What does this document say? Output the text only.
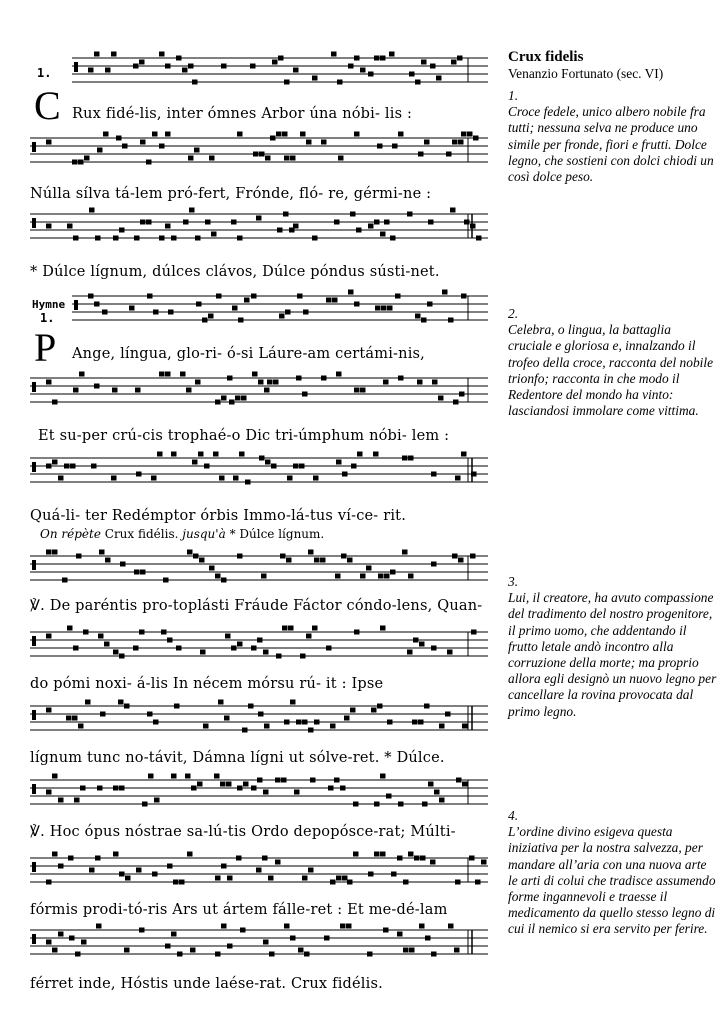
1.
C
Hymne
1.
P
Rux fidé-lis, inter ómnes Arbor úna nóbi- lis :
Núlla sílva tá-lem pró-fert, Frónde, fló- re, gérmi-ne :
* Dúlce lígnum, dúlces clávos, Dúlce póndus sústi-net.
Ange, língua, glo-ri- ó-si Láure-am certámi-nis,
Et su-per crú-cis trophaé-o Dic tri-úmphum nóbi- lem :
Quá-li- ter Redémptor órbis Immo-lá-tus ví-ce- rit.
On répète Crux fidélis. jusqu'à * Dúlce lígnum.
℣. De paréntis pro-toplásti Fráude Fáctor cóndo-lens, Quan-
do pómi noxi- á-lis In nécem mórsu rú- it : Ipse
lígnum tunc no-távit, Dámna lígni ut sólve-ret. * Dúlce.
℣. Hoc ópus nóstrae sa-lú-tis Ordo depopósce-rat; Múlti-
fórmis prodi-tó-ris Ars ut ártem fálle-ret : Et me-dé-lam
férret inde, Hóstis unde laése-rat. Crux fidélis.
Crux fidelis
Venanzio Fortunato (sec. VI)
1.
Croce fedele, unico albero nobile fra tutti; nessuna selva ne produce uno simile per fronde, fiori e frutti. Dolce legno, che sostieni con dolci chiodi un così dolce peso.
2.
Celebra, o lingua, la battaglia cruciale e gloriosa e, innalzando il trofeo della croce, racconta del nobile trionfo; racconta in che modo il Redentore del mondo ha vinto: lasciandosi immolare come vittima.
3.
Lui, il creatore, ha avuto compassione del tradimento del nostro progenitore, il primo uomo, che addentando il frutto letale andò incontro alla corruzione della morte; ma proprio allora egli designò un nuovo legno per cancellare la rovina provocata dal primo legno.
4.
L’ordine divino esigeva questa iniziativa per la nostra salvezza, per mandare all’aria con una nuova arte le arti di colui che tradisce assumendo forme ingannevoli e traesse il medicamento da quello stesso legno di cui il nemico si era servito per ferire.
